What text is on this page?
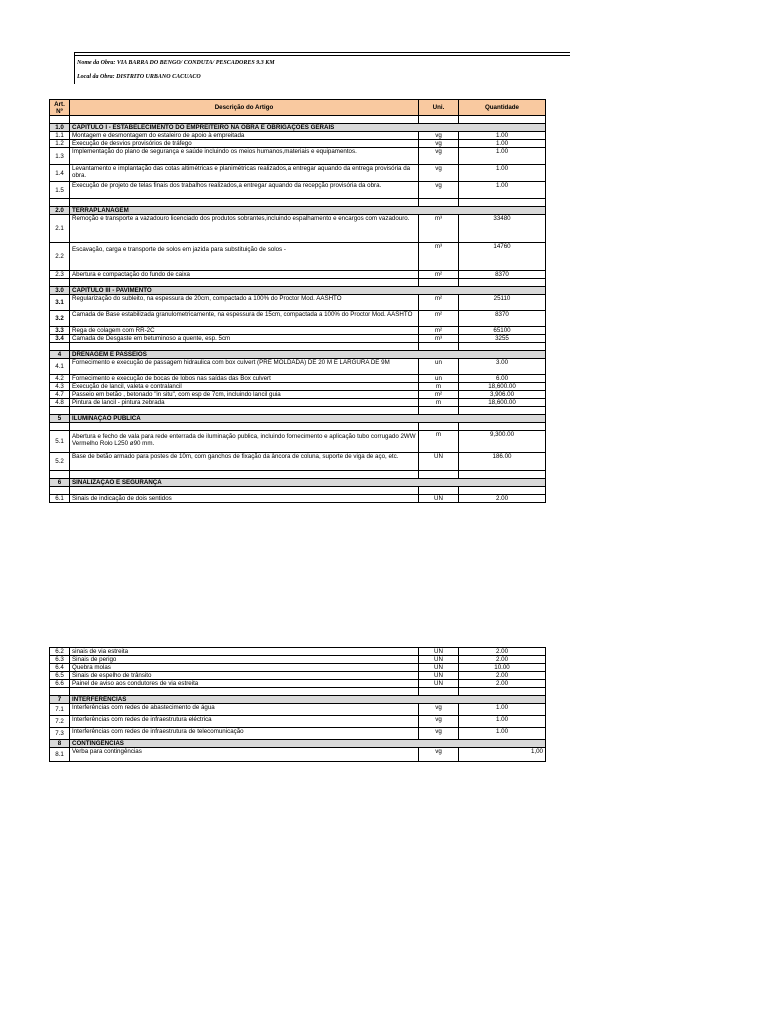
Nome da Obra: VIA BARRA DO BENGO/ CONDUTA/ PESCADORES 9.3 KM
Local da Obra: DISTRITO URBANO CACUACO
Art. Nº	Descrição do Artigo	Uni.	Quantidade

1.0	CAPITULO I - ESTABELECIMENTO DO EMPREITEIRO NA OBRA E OBRIGAÇOES GERAIS		
1.1	Montagem e desmontagem do estaleiro de apoio à empreitada	vg	1.00
1.2	Execução de desvios provisórios de tráfego	vg	1.00
1.3	Implementação do plano de segurança e saúde incluindo os meios humanos,materiais e equipamentos.	vg	1.00
1.4	Levantamento e implantação das cotas altimétricas e planimétricas realizados,a entregar aquando da entrega provisória da obra.	vg	1.00
1.5	Execução de projeto de telas finais dos trabalhos realizados,a entregar aquando da recepção provisória da obra.	vg	1.00

2.0	TERRAPLANAGEM		
2.1	Remoção e transporte a vazadouro licenciado dos produtos sobrantes,incluindo espalhamento e encargos com vazadouro.	m³	33480
2.2	Escavação, carga e transporte de solos em jazida para substituição de solos -	m³	14760
2.3	Abertura e compactação do fundo de caixa	m²	8370

3.0	CAPITULO III - PAVIMENTO		
3.1	Regularização do subleito, na espessura de 20cm, compactado a 100% do Proctor Mod. AASHTO	m²	25110
3.2	Camada de Base estabilizada granulometricamente, na espessura de 15cm, compactada a 100% do Proctor Mod. AASHTO	m²	8370
3.3	Rega de colagem com RR-2C	m²	65100
3.4	Camada de Desgaste em betuminoso a quente, esp. 5cm	m³	3255

4	DRENAGEM E PASSEIOS		
4.1	Fornecimento e execução de passagem hidraulica com box culvert (PRE MOLDADA) DE 20 M E LARGURA DE 9M	un	3.00
4.2	Fornecimento e execução de bocas de lobos nas saídas das Box culvert	un	6.00
4.3	Execução de lancil, valeta e contralancil	m	18,600.00
4.7	Passeio em betão , betonado "in situ", com esp de 7cm, incluindo lancil guia	m²	3,906.00
4.8	Pintura de lancil - pintura zebrada	m	18,600.00

5	ILUMINAÇAO PUBLICA		

5.1	Abertura e fecho de vala para rede enterrada de iluminação publica, incluindo fornecimento e aplicação tubo corrugado 2WW Vermelho Rolo L250 ø90 mm.	m	9,300.00
5.2	Base de betão armado para postes de 10m, com ganchos de fixação da âncora de coluna, suporte de viga de aço, etc.	UN	186.00

6	SINALIZAÇAO E SEGURANÇA		

6.1	Sinais de indicação de dois sentidos	UN	2.00
6.2	sinais de via estreita	UN	2.00
6.3	Sinais de perigo	UN	2.00
6.4	Quebra molas	UN	10.00
6.5	Sinais de espelho de trânsito	UN	2.00
6.6	Painel de aviso aos condutores de via estreita	UN	2.00

7	INTERFERÊNCIAS		
7.1	Interferências com redes de abastecimento de água	vg	1.00
7.2	Interferências com redes de infraestrutura eléctrica	vg	1.00
7.3	Interferências com redes de infraestrutura de telecomunicação	vg	1.00
8	CONTINGÊNCIAS		
8.1	Verba para contingências	vg	1,00
